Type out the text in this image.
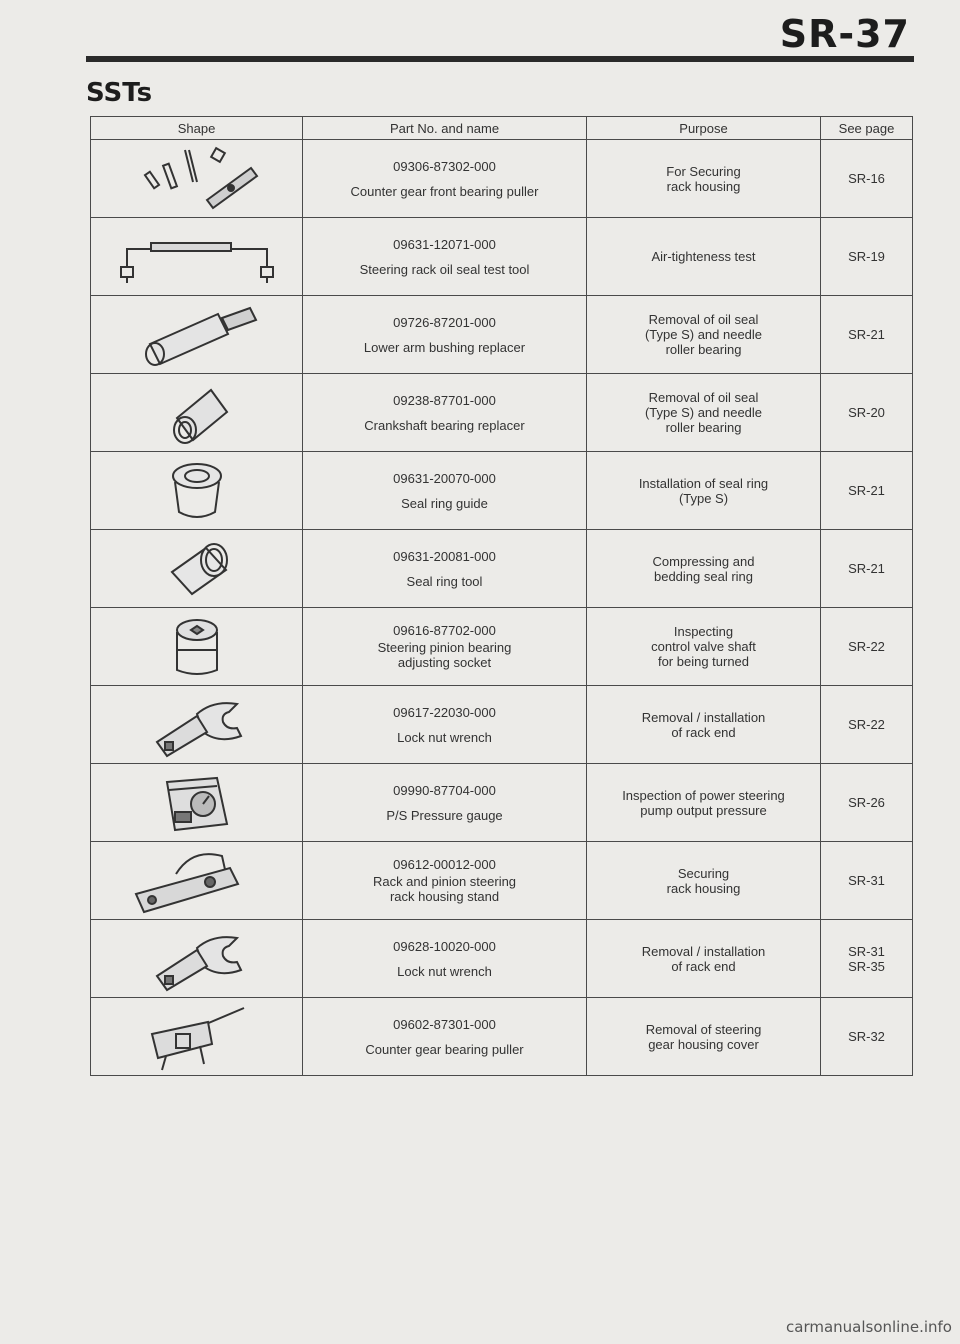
SR-37
SSTs
Shape	Part No. and name	Purpose	See page

09306-87302-000
Counter gear front bearing puller	For Securing
rack housing	SR-16

09631-12071-000
Steering rack oil seal test tool	Air-tighteness test	SR-19

09726-87201-000
Lower arm bushing replacer	Removal of oil seal
(Type S) and needle
roller bearing	SR-21

09238-87701-000
Crankshaft bearing replacer	Removal of oil seal
(Type S) and needle
roller bearing	SR-20

09631-20070-000
Seal ring guide	Installation of seal ring
(Type S)	SR-21

09631-20081-000
Seal ring tool	Compressing and
bedding seal ring	SR-21

09616-87702-000
Steering pinion bearing
adjusting socket	Inspecting
control valve shaft
for being turned	SR-22

09617-22030-000
Lock nut wrench	Removal / installation
of rack end	SR-22

09990-87704-000
P/S Pressure gauge	Inspection of power steering
pump output pressure	SR-26

09612-00012-000
Rack and pinion steering
rack housing stand	Securing
rack housing	SR-31

09628-10020-000
Lock nut wrench	Removal / installation
of rack end	SR-31
SR-35

09602-87301-000
Counter gear bearing puller	Removal of steering
gear housing cover	SR-32
carmanualsonline.info
